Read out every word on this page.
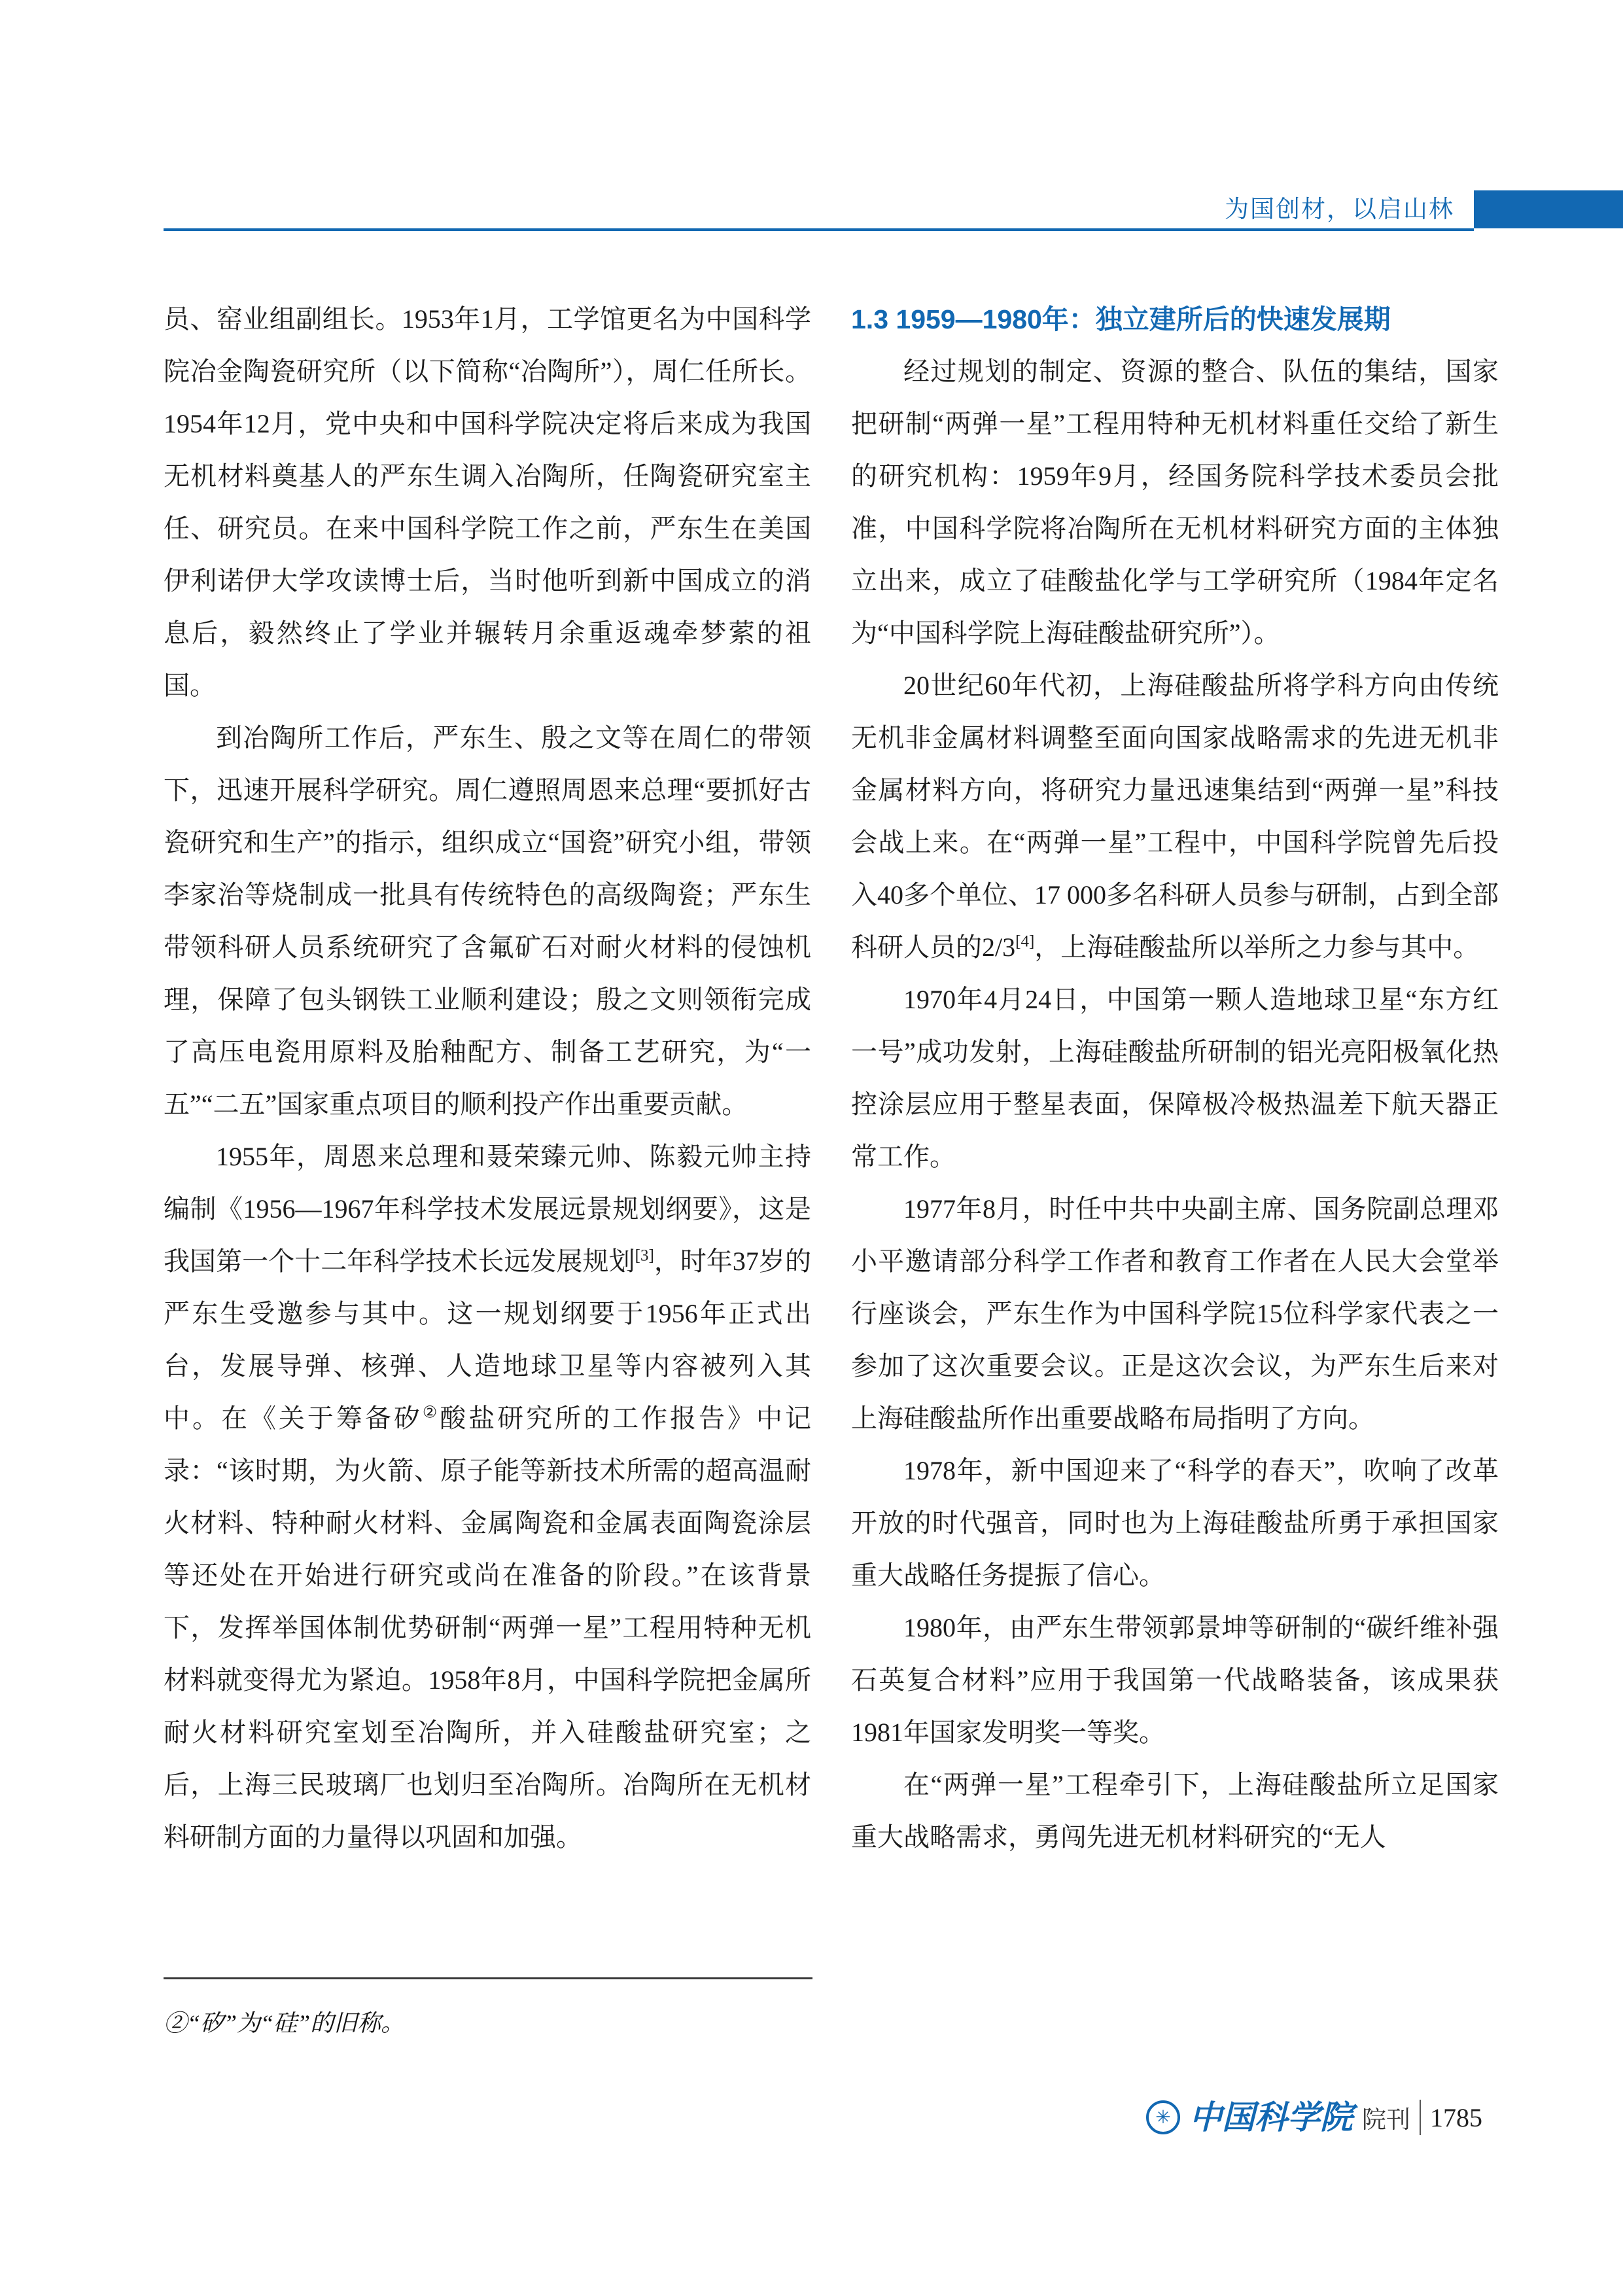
为国创材，以启山林

员、窑业组副组长。1953年1月，工学馆更名为中国科学院冶金陶瓷研究所（以下简称“冶陶所”），周仁任所长。1954年12月，党中央和中国科学院决定将后来成为我国无机材料奠基人的严东生调入冶陶所，任陶瓷研究室主任、研究员。在来中国科学院工作之前，严东生在美国伊利诺伊大学攻读博士后，当时他听到新中国成立的消息后，毅然终止了学业并辗转月余重返魂牵梦萦的祖国。

到冶陶所工作后，严东生、殷之文等在周仁的带领下，迅速开展科学研究。周仁遵照周恩来总理“要抓好古瓷研究和生产”的指示，组织成立“国瓷”研究小组，带领李家治等烧制成一批具有传统特色的高级陶瓷；严东生带领科研人员系统研究了含氟矿石对耐火材料的侵蚀机理，保障了包头钢铁工业顺利建设；殷之文则领衔完成了高压电瓷用原料及胎釉配方、制备工艺研究，为“一五”“二五”国家重点项目的顺利投产作出重要贡献。

1955年，周恩来总理和聂荣臻元帅、陈毅元帅主持编制《1956—1967年科学技术发展远景规划纲要》，这是我国第一个十二年科学技术长远发展规划[3]，时年37岁的严东生受邀参与其中。这一规划纲要于1956年正式出台，发展导弹、核弹、人造地球卫星等内容被列入其中。在《关于筹备矽②酸盐研究所的工作报告》中记录：“该时期，为火箭、原子能等新技术所需的超高温耐火材料、特种耐火材料、金属陶瓷和金属表面陶瓷涂层等还处在开始进行研究或尚在准备的阶段。”在该背景下，发挥举国体制优势研制“两弹一星”工程用特种无机材料就变得尤为紧迫。1958年8月，中国科学院把金属所耐火材料研究室划至冶陶所，并入硅酸盐研究室；之后，上海三民玻璃厂也划归至冶陶所。冶陶所在无机材料研制方面的力量得以巩固和加强。

1.3 1959—1980年：独立建所后的快速发展期

经过规划的制定、资源的整合、队伍的集结，国家把研制“两弹一星”工程用特种无机材料重任交给了新生的研究机构：1959年9月，经国务院科学技术委员会批准，中国科学院将冶陶所在无机材料研究方面的主体独立出来，成立了硅酸盐化学与工学研究所（1984年定名为“中国科学院上海硅酸盐研究所”）。

20世纪60年代初，上海硅酸盐所将学科方向由传统无机非金属材料调整至面向国家战略需求的先进无机非金属材料方向，将研究力量迅速集结到“两弹一星”科技会战上来。在“两弹一星”工程中，中国科学院曾先后投入40多个单位、17 000多名科研人员参与研制，占到全部科研人员的2/3[4]，上海硅酸盐所以举所之力参与其中。

1970年4月24日，中国第一颗人造地球卫星“东方红一号”成功发射，上海硅酸盐所研制的铝光亮阳极氧化热控涂层应用于整星表面，保障极冷极热温差下航天器正常工作。

1977年8月，时任中共中央副主席、国务院副总理邓小平邀请部分科学工作者和教育工作者在人民大会堂举行座谈会，严东生作为中国科学院15位科学家代表之一参加了这次重要会议。正是这次会议，为严东生后来对上海硅酸盐所作出重要战略布局指明了方向。

1978年，新中国迎来了“科学的春天”，吹响了改革开放的时代强音，同时也为上海硅酸盐所勇于承担国家重大战略任务提振了信心。

1980年，由严东生带领郭景坤等研制的“碳纤维补强石英复合材料”应用于我国第一代战略装备，该成果获1981年国家发明奖一等奖。

在“两弹一星”工程牵引下，上海硅酸盐所立足国家重大战略需求，勇闯先进无机材料研究的“无人

②“矽”为“硅”的旧称。
✳ 中国科学院 院刊 1785
